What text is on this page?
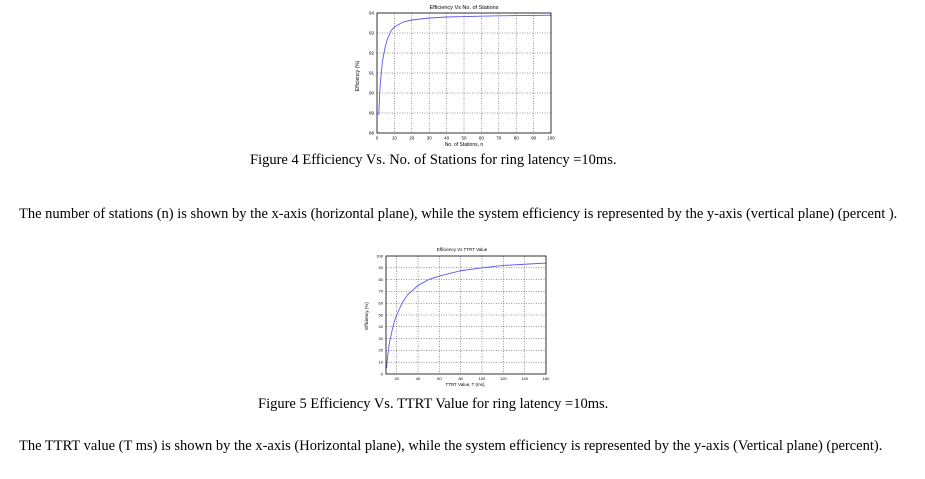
Efficiency Vs No. of Stations
Efficiency (%)
No. of Stations, n
0	10	20	30	40	50	60	70	80	90 100
88
89
90
91
92
93
94
Figure 4 Efficiency Vs. No. of Stations for ring latency =10ms.
The number of stations (n) is shown by the x-axis (horizontal plane), while the system efficiency is represented by the y-axis (vertical plane) (percent ).
Efficiency Vs TTRT Value
Efficiency (%)
TTRT Value, T (ms)
20	40	60	80	100	120	140	160
0
10
20
30
40
50
60
70
80
90
100
Figure 5 Efficiency Vs. TTRT Value for ring latency =10ms.
The TTRT value (T ms) is shown by the x-axis (Horizontal plane), while the system efficiency is represented by the y-axis (Vertical plane) (percent).
